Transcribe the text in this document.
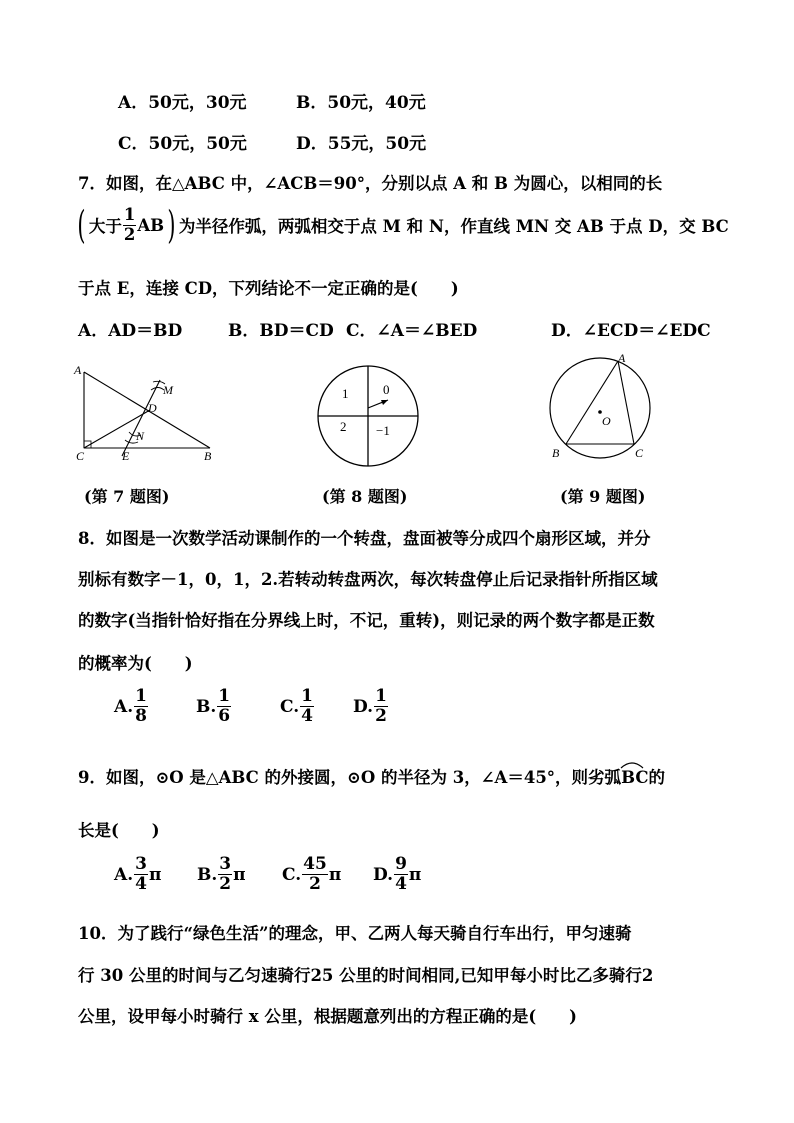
A．50元，30元	B．50元，40元
C．50元，50元	D．55元，50元
7．如图，在△ABC 中，∠ACB＝90°，分别以点 A 和 B 为圆心，以相同的长
( 大于 $\frac{1}{2}$ AB ) 为半径作弧，两弧相交于点 M 和 N，作直线 MN 交 AB 于点 D，交 BC
于点 E，连接 CD，下列结论不一定正确的是(　　)
A．AD＝BD	B．BD＝CD C．∠A＝∠BED	D．∠ECD＝∠EDC
A
M
D
N
C	E	B
(第 7 题图)
1	0
2 −1
(第 8 题图)
A
O
B	C
(第 9 题图)
8．如图是一次数学活动课制作的一个转盘，盘面被等分成四个扇形区域，并分
别标有数字－1，0，1，2.若转动转盘两次，每次转盘停止后记录指针所指区域
的数字(当指针恰好指在分界线上时，不记，重转)，则记录的两个数字都是正数
的概率为(　　)
A. $\frac{1}{8}$	B. $\frac{1}{6}$	C. $\frac{1}{4} D$. $\frac{1}{2}$
9．如图，⊙O 是△ABC 的外接圆，⊙O 的半径为 3，∠A＝45°，则劣弧
BC的
长是(　　)
A. $\frac{3}{4}$ π B. $\frac{3}{2}$ π C. $\frac{45}{2}$ π D. $\frac{9}{4}$ π
10．为了践行“绿色生活”的理念，甲、乙两人每天骑自行车出行，甲匀速骑
行 30 公里的时间与乙匀速骑行25 公里的时间相同,已知甲每小时比乙多骑行2
公里，设甲每小时骑行 x 公里，根据题意列出的方程正确的是(　　)
